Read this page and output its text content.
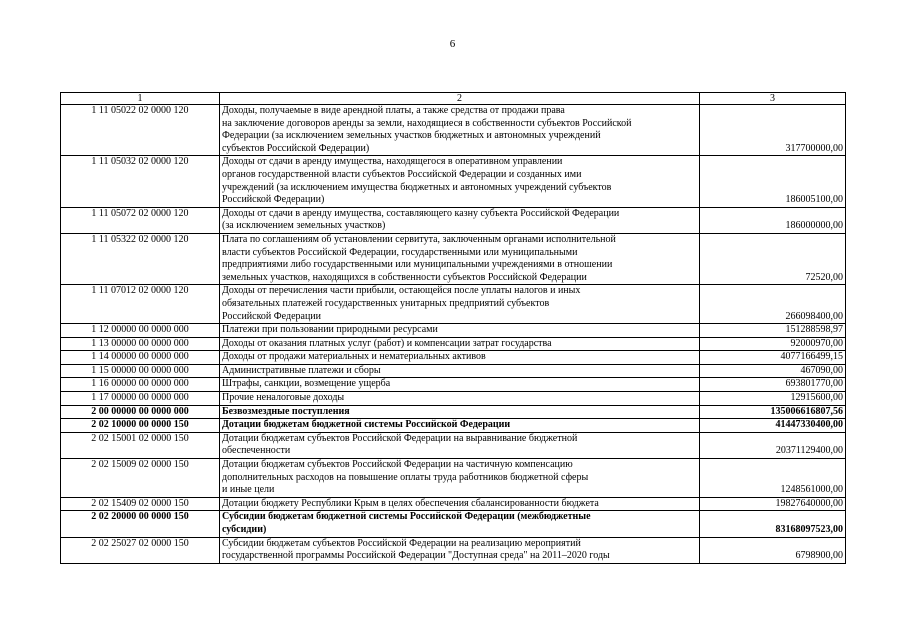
6
1	2	3
1 11 05022 02 0000 120	Доходы, получаемые в виде арендной платы, а также средства от продажи права
на заключение договоров аренды за земли, находящиеся в собственности субъектов Российской
Федерации (за исключением земельных участков бюджетных и автономных учреждений
субъектов Российской Федерации)	317700000,00
1 11 05032 02 0000 120	Доходы от сдачи в аренду имущества, находящегося в оперативном управлении
органов государственной власти субъектов Российской Федерации и созданных ими
учреждений (за исключением имущества бюджетных и автономных учреждений субъектов
Российской Федерации)	186005100,00
1 11 05072 02 0000 120	Доходы от сдачи в аренду имущества, составляющего казну субъекта Российской Федерации
(за исключением земельных участков)	186000000,00
1 11 05322 02 0000 120	Плата по соглашениям об установлении сервитута, заключенным органами исполнительной
власти субъектов Российской Федерации, государственными или муниципальными
предприятиями либо государственными или муниципальными учреждениями в отношении
земельных участков, находящихся в собственности субъектов Российской Федерации	72520,00
1 11 07012 02 0000 120	Доходы от перечисления части прибыли, остающейся после уплаты налогов и иных
обязательных платежей государственных унитарных предприятий субъектов
Российской Федерации	266098400,00
1 12 00000 00 0000 000	Платежи при пользовании природными ресурсами	151288598,97
1 13 00000 00 0000 000	Доходы от оказания платных услуг (работ) и компенсации затрат государства	92000970,00
1 14 00000 00 0000 000	Доходы от продажи материальных и нематериальных активов	4077166499,15
1 15 00000 00 0000 000	Административные платежи и сборы	467090,00
1 16 00000 00 0000 000	Штрафы, санкции, возмещение ущерба	693801770,00
1 17 00000 00 0000 000	Прочие неналоговые доходы	12915600,00
2 00 00000 00 0000 000	Безвозмездные поступления	135006616807,56
2 02 10000 00 0000 150	Дотации бюджетам бюджетной системы Российской Федерации	41447330400,00
2 02 15001 02 0000 150	Дотации бюджетам субъектов Российской Федерации на выравнивание бюджетной
обеспеченности	20371129400,00
2 02 15009 02 0000 150	Дотации бюджетам субъектов Российской Федерации на частичную компенсацию
дополнительных расходов на повышение оплаты труда работников бюджетной сферы
и иные цели	1248561000,00
2 02 15409 02 0000 150	Дотации бюджету Республики Крым в целях обеспечения сбалансированности бюджета	19827640000,00
2 02 20000 00 0000 150	Субсидии бюджетам бюджетной системы Российской Федерации (межбюджетные
субсидии)	83168097523,00
2 02 25027 02 0000 150	Субсидии бюджетам субъектов Российской Федерации на реализацию мероприятий
государственной программы Российской Федерации "Доступная среда" на 2011–2020 годы	6798900,00
